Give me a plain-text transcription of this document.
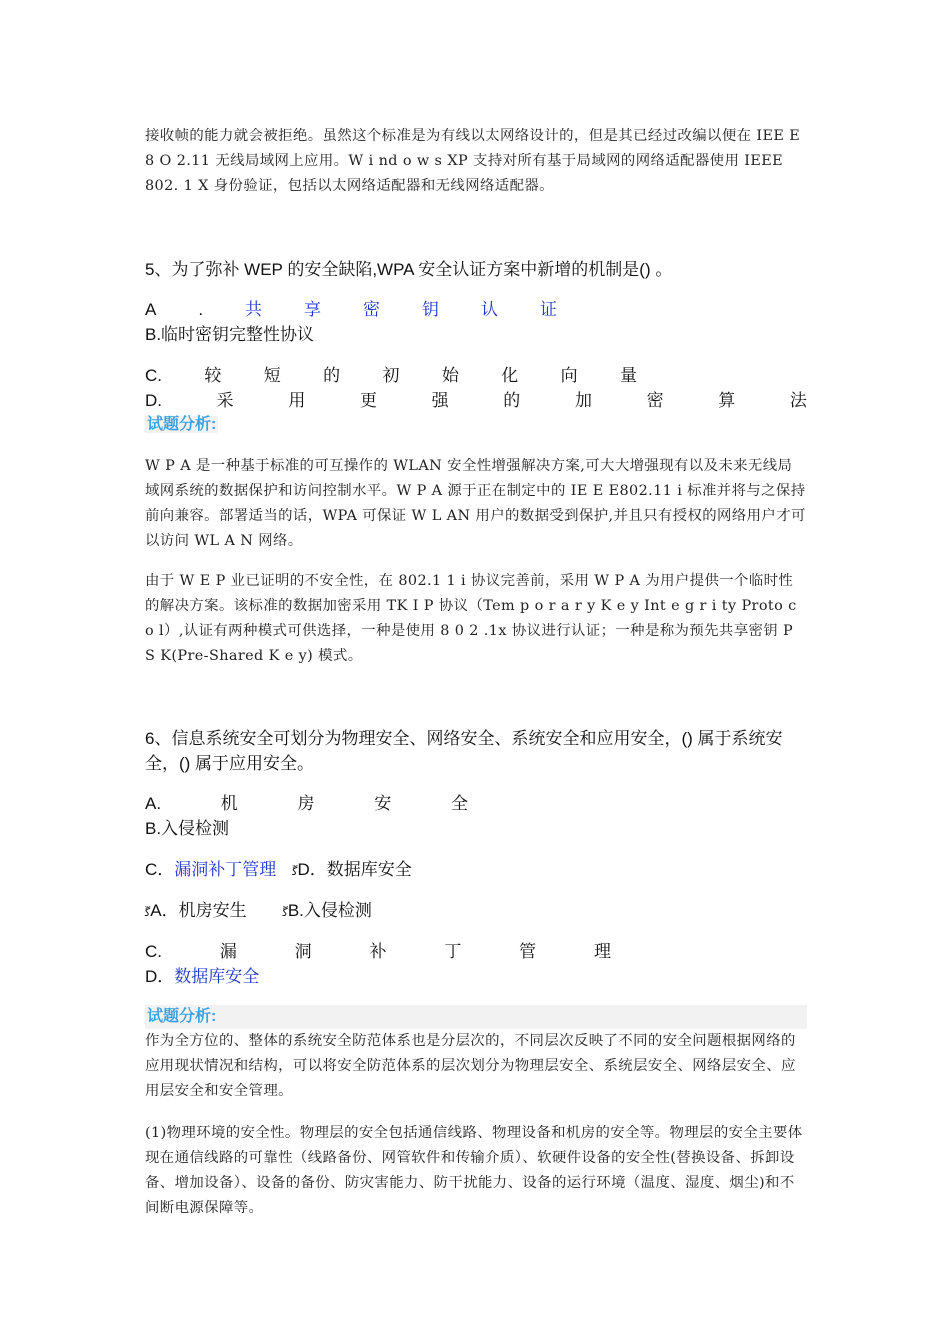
接收帧的能力就会被拒绝。虽然这个标准是为有线以太网络设计的，但是其已经过改编以便在 IEE E 8 O 2.11 无线局域网上应用。W i nd o w s XP 支持对所有基于局域网的网络适配器使用 IEEE 802. 1 X 身份验证，包括以太网络适配器和无线网络适配器。

5、为了弥补 WEP 的安全缺陷,WPA 安全认证方案中新增的机制是() 。
A . 共 享 密 钥 认 证
B.临时密钥完整性协议
C. 较 短 的 初 始 化 向 量
D.	采	用	更	强	的	加	密	算	法
试题分析:

W P A 是一种基于标准的可互操作的 WLAN 安全性增强解决方案,可大大增强现有以及未来无线局域网系统的数据保护和访问控制水平。W P A 源于正在制定中的 IE E E802.11 i 标准并将与之保持前向兼容。部署适当的话，WPA 可保证 W L AN 用户的数据受到保护,并且只有授权的网络用户才可以访问 WL A N 网络。

由于 W E P 业已证明的不安全性，在 802.1 1 i 协议完善前，采用 W P A 为用户提供一个临时性的解决方案。该标准的数据加密采用 TK I P 协议（Tem p o r a r y K e y Int e g r i ty Proto c o l）,认证有两种模式可供选择，一种是使用 8 0 2 .1x 协议进行认证；一种是称为预先共享密钥 P S K(Pre-Shared K e y) 模式。

6、信息系统安全可划分为物理安全、网络安全、系统安全和应用安全，() 属于系统安全，() 属于应用安全。
A.	机	房	安	全
B.入侵检测
C．漏洞补丁管理 ﮜD．数据库安全
ﮜA．机房安生	ﮜB.入侵检测
C.	漏	洞	补	丁	管	理
D．数据库安全
试题分析:

作为全方位的、整体的系统安全防范体系也是分层次的，不同层次反映了不同的安全问题根据网络的应用现状情况和结构，可以将安全防范体系的层次划分为物理层安全、系统层安全、网络层安全、应用层安全和安全管理。

(1)物理环境的安全性。物理层的安全包括通信线路、物理设备和机房的安全等。物理层的安全主要体现在通信线路的可靠性（线路备份、网管软件和传输介质）、软硬件设备的安全性(替换设备、拆卸设备、增加设备）、设备的备份、防灾害能力、防干扰能力、设备的运行环境（温度、湿度、烟尘)和不间断电源保障等。
